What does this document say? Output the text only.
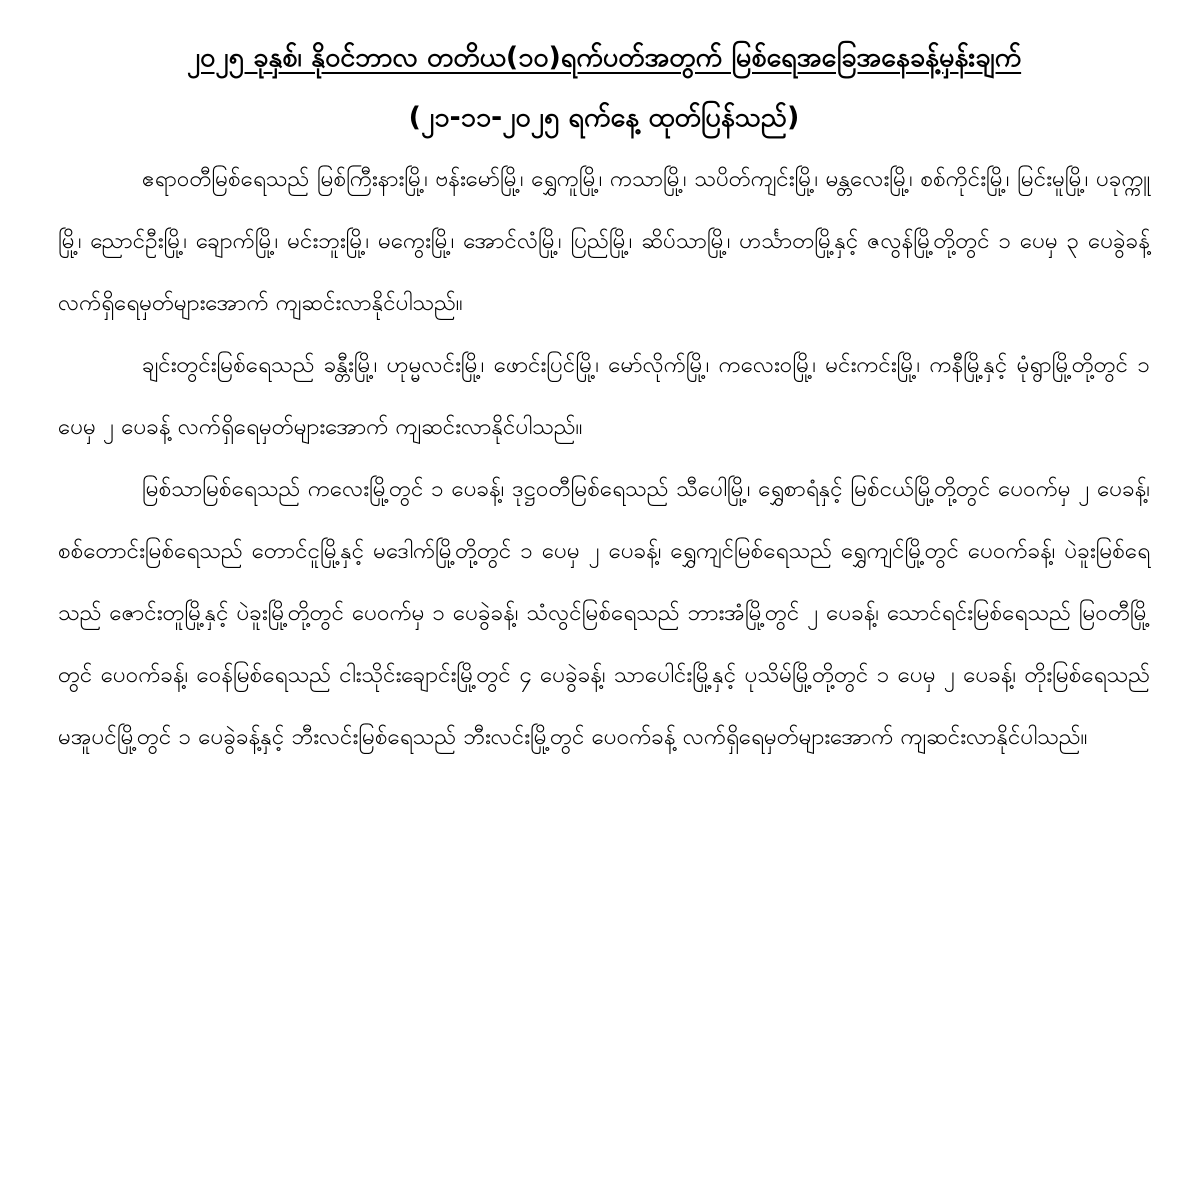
၂၀၂၅ ခုနှစ်၊ နိုဝင်ဘာလ တတိယ(၁၀)ရက်ပတ်အတွက် မြစ်ရေအခြေအနေခန့်မှန်းချက်

(၂၁-၁၁-၂၀၂၅ ရက်နေ့ ထုတ်ပြန်သည်)

ဧရာဝတီမြစ်ရေသည် မြစ်ကြီးနားမြို့၊ ဗန်းမော်မြို့၊ ရွှေကူမြို့၊ ကသာမြို့၊ သပိတ်ကျင်းမြို့၊ မန္တလေးမြို့၊ စစ်ကိုင်းမြို့၊ မြင်းမူမြို့၊ ပခုက္ကူမြို့၊ ညောင်ဦးမြို့၊ ချောက်မြို့၊ မင်းဘူးမြို့၊ မကွေးမြို့၊ အောင်လံမြို့၊ ပြည်မြို့၊ ဆိပ်သာမြို့၊ ဟင်္သာတမြို့နှင့် ဇလွန်မြို့တို့တွင် ၁ ပေမှ ၃ ပေခွဲခန့် လက်ရှိရေမှတ်များအောက် ကျဆင်းလာနိုင်ပါသည်။

ချင်းတွင်းမြစ်ရေသည် ခန္တီးမြို့၊ ဟုမ္မလင်းမြို့၊ ဖောင်းပြင်မြို့၊ မော်လိုက်မြို့၊ ကလေးဝမြို့၊ မင်းကင်းမြို့၊ ကနီမြို့နှင့် မုံရွာမြို့တို့တွင် ၁ ပေမှ ၂ ပေခန့် လက်ရှိရေမှတ်များအောက် ကျဆင်းလာနိုင်ပါသည်။

မြစ်သာမြစ်ရေသည် ကလေးမြို့တွင် ၁ ပေခန့်၊ ဒုဋ္ဌဝတီမြစ်ရေသည် သီပေါမြို့၊ ရွှေစာရံနှင့် မြစ်ငယ်မြို့တို့တွင် ပေဝက်မှ ၂ ပေခန့်၊ စစ်တောင်းမြစ်ရေသည် တောင်ငူမြို့နှင့် မဒေါက်မြို့တို့တွင် ၁ ပေမှ ၂ ပေခန့်၊ ရွှေကျင်မြစ်ရေသည် ရွှေကျင်မြို့တွင် ပေဝက်ခန့်၊ ပဲခူးမြစ်ရေသည် ဇောင်းတူမြို့နှင့် ပဲခူးမြို့တို့တွင် ပေဝက်မှ ၁ ပေခွဲခန့်၊ သံလွင်မြစ်ရေသည် ဘားအံမြို့တွင် ၂ ပေခန့်၊ သောင်ရင်းမြစ်ရေသည် မြဝတီမြို့တွင် ပေဝက်ခန့်၊ ဝေန်မြစ်ရေသည် ငါးသိုင်းချောင်းမြို့တွင် ၄ ပေခွဲခန့်၊ သာပေါင်းမြို့နှင့် ပုသိမ်မြို့တို့တွင် ၁ ပေမှ ၂ ပေခန့်၊ တိုးမြစ်ရေသည် မအူပင်မြို့တွင် ၁ ပေခွဲခန့်နှင့် ဘီးလင်းမြစ်ရေသည် ဘီးလင်းမြို့တွင် ပေဝက်ခန့် လက်ရှိရေမှတ်များအောက် ကျဆင်းလာနိုင်ပါသည်။
